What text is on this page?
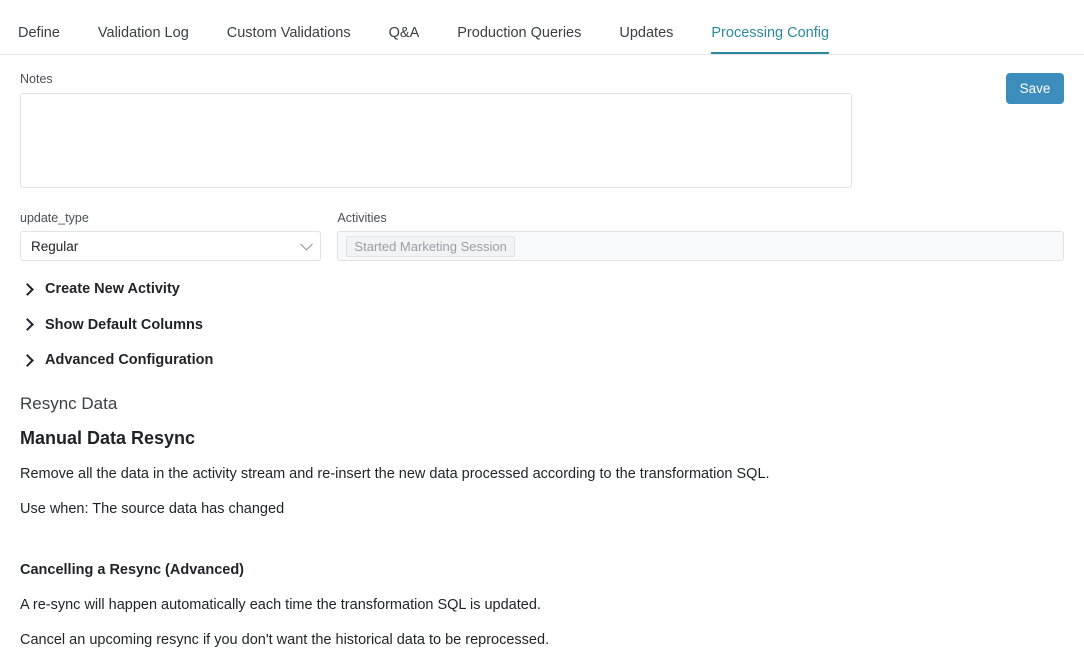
Define	Validation Log	Custom Validations	Q&A	Production Queries	Updates	Processing Config
Notes
Save
update_type
Regular
Activities
Started Marketing Session
Create New Activity
Show Default Columns
Advanced Configuration
Resync Data
Manual Data Resync
Remove all the data in the activity stream and re-insert the new data processed according to the transformation SQL.
Use when: The source data has changed
Cancelling a Resync (Advanced)
A re-sync will happen automatically each time the transformation SQL is updated.
Cancel an upcoming resync if you don't want the historical data to be reprocessed.
